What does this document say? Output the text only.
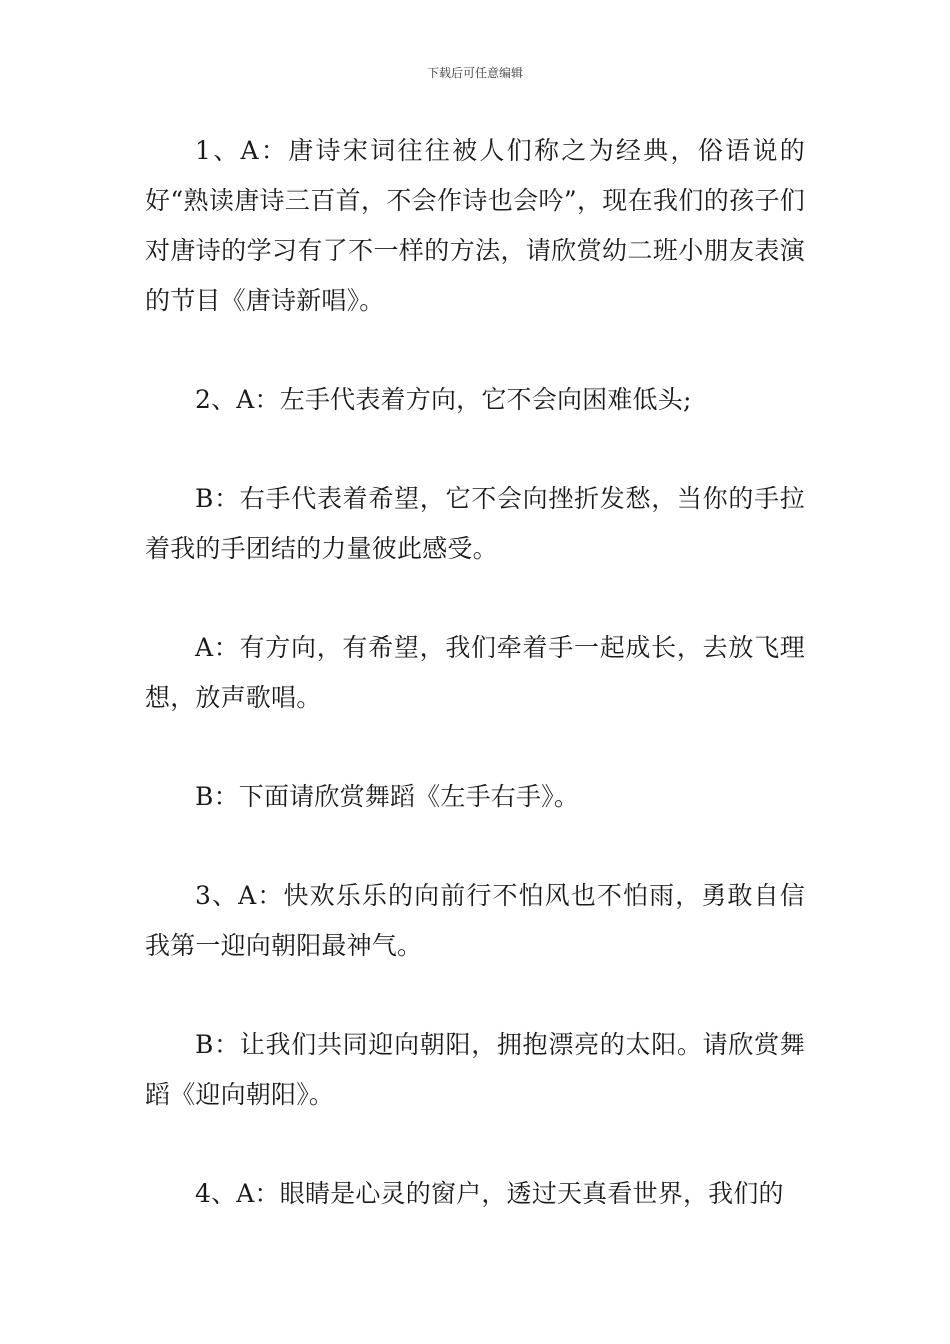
下载后可任意编辑

1、A：唐诗宋词往往被人们称之为经典，俗语说的好“熟读唐诗三百首，不会作诗也会吟”，现在我们的孩子们对唐诗的学习有了不一样的方法，请欣赏幼二班小朋友表演的节目《唐诗新唱》。

2、A：左手代表着方向，它不会向困难低头;

B：右手代表着希望，它不会向挫折发愁，当你的手拉着我的手团结的力量彼此感受。

A：有方向，有希望，我们牵着手一起成长，去放飞理想，放声歌唱。

B：下面请欣赏舞蹈《左手右手》。

3、A：快欢乐乐的向前行不怕风也不怕雨，勇敢自信我第一迎向朝阳最神气。

B：让我们共同迎向朝阳，拥抱漂亮的太阳。请欣赏舞蹈《迎向朝阳》。

4、A：眼睛是心灵的窗户，透过天真看世界，我们的
